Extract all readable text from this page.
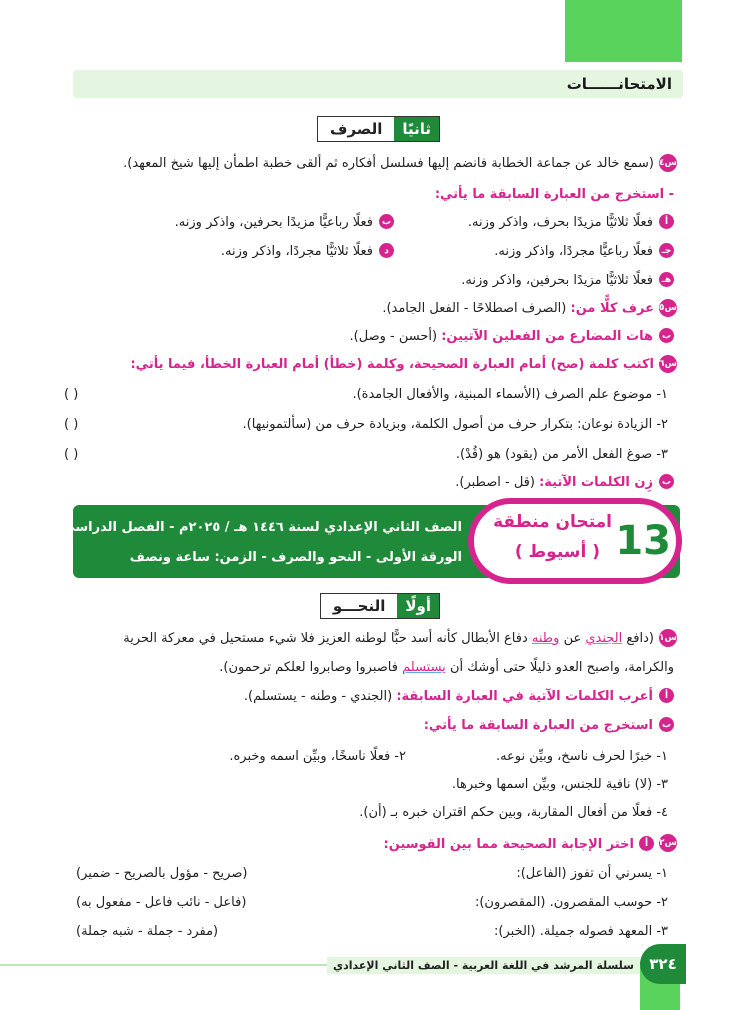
الامتحانــــــات
ثانيًا
الصرف
س٤
(سمع خالد عن جماعة الخطابة فانضم إليها فسلسل أفكاره ثم ألقى خطبة اطمأن إليها شيخ المعهد).
- استخرج من العبارة السابقة ما يأتي:
أ
فعلًا ثلاثيًّا مزيدًا بحرف، واذكر وزنه.
ب
فعلًا رباعيًّا مزيدًا بحرفين، واذكر وزنه.
جـ
فعلًا رباعيًّا مجردًا، واذكر وزنه.
د
فعلًا ثلاثيًّا مجردًا، واذكر وزنه.
هـ
فعلًا ثلاثيًّا مزيدًا بحرفين، واذكر وزنه.
س٥
عرف كلًّا من: (الصرف اصطلاحًا - الفعل الجامد).
ب
هات المضارع من الفعلين الآتيين: (أحسن - وصل).
س٦
اكتب كلمة (صح) أمام العبارة الصحيحة، وكلمة (خطأ) أمام العبارة الخطأ، فيما يأتي:
١- موضوع علم الصرف (الأسماء المبنية، والأفعال الجامدة).
( )
٢- الزيادة نوعان: بتكرار حرف من أصول الكلمة، وبزيادة حرف من (سألتمونيها).
( )
٣- صوغ الفعل الأمر من (يقود) هو (قُدْ).
( )
ب
زِن الكلمات الآتية: (قل - اصطبر).
الصف الثاني الإعدادي لسنة ١٤٤٦ هـ / ٢٠٢٥م - الفصل الدراسي الأول
الورقة الأولى - النحو والصرف - الزمن: ساعة ونصف	13
امتحان منطقة
( أسيوط )
أولًا
النحـــو
س١
(دافع الجندي عن وطنه دفاع الأبطال كأنه أسد حبًّا لوطنه العزيز فلا شيء مستحيل في معركة الحرية
والكرامة، واصبح العدو ذليلًا حتى أوشك أن يستسلم فاصبروا وصابروا لعلكم ترحمون).
أ
أعرب الكلمات الآتية في العبارة السابقة: (الجندي - وطنه - يستسلم).
ب
استخرج من العبارة السابقة ما يأتي:
١- خبرًا لحرف ناسخ، وبيِّن نوعه.
٢- فعلًا ناسخًا، وبيِّن اسمه وخبره.
٣- (لا) نافية للجنس، وبيِّن اسمها وخبرها.
٤- فعلًا من أفعال المقاربة، وبين حكم اقتران خبره بـ (أن).
س٢
أ
اختر الإجابة الصحيحة مما بين القوسين:
١- يسرني أن تفوز (الفاعل):
(صريح - مؤول بالصريح - ضمير)
٢- حوسب المقصرون. (المقصرون):
(فاعل - نائب فاعل - مفعول به)
٣- المعهد فصوله جميلة. (الخبر):
(مفرد - جملة - شبه جملة)
سلسلة المرشد في اللغة العربية - الصف الثاني الإعدادي	٣٢٤
